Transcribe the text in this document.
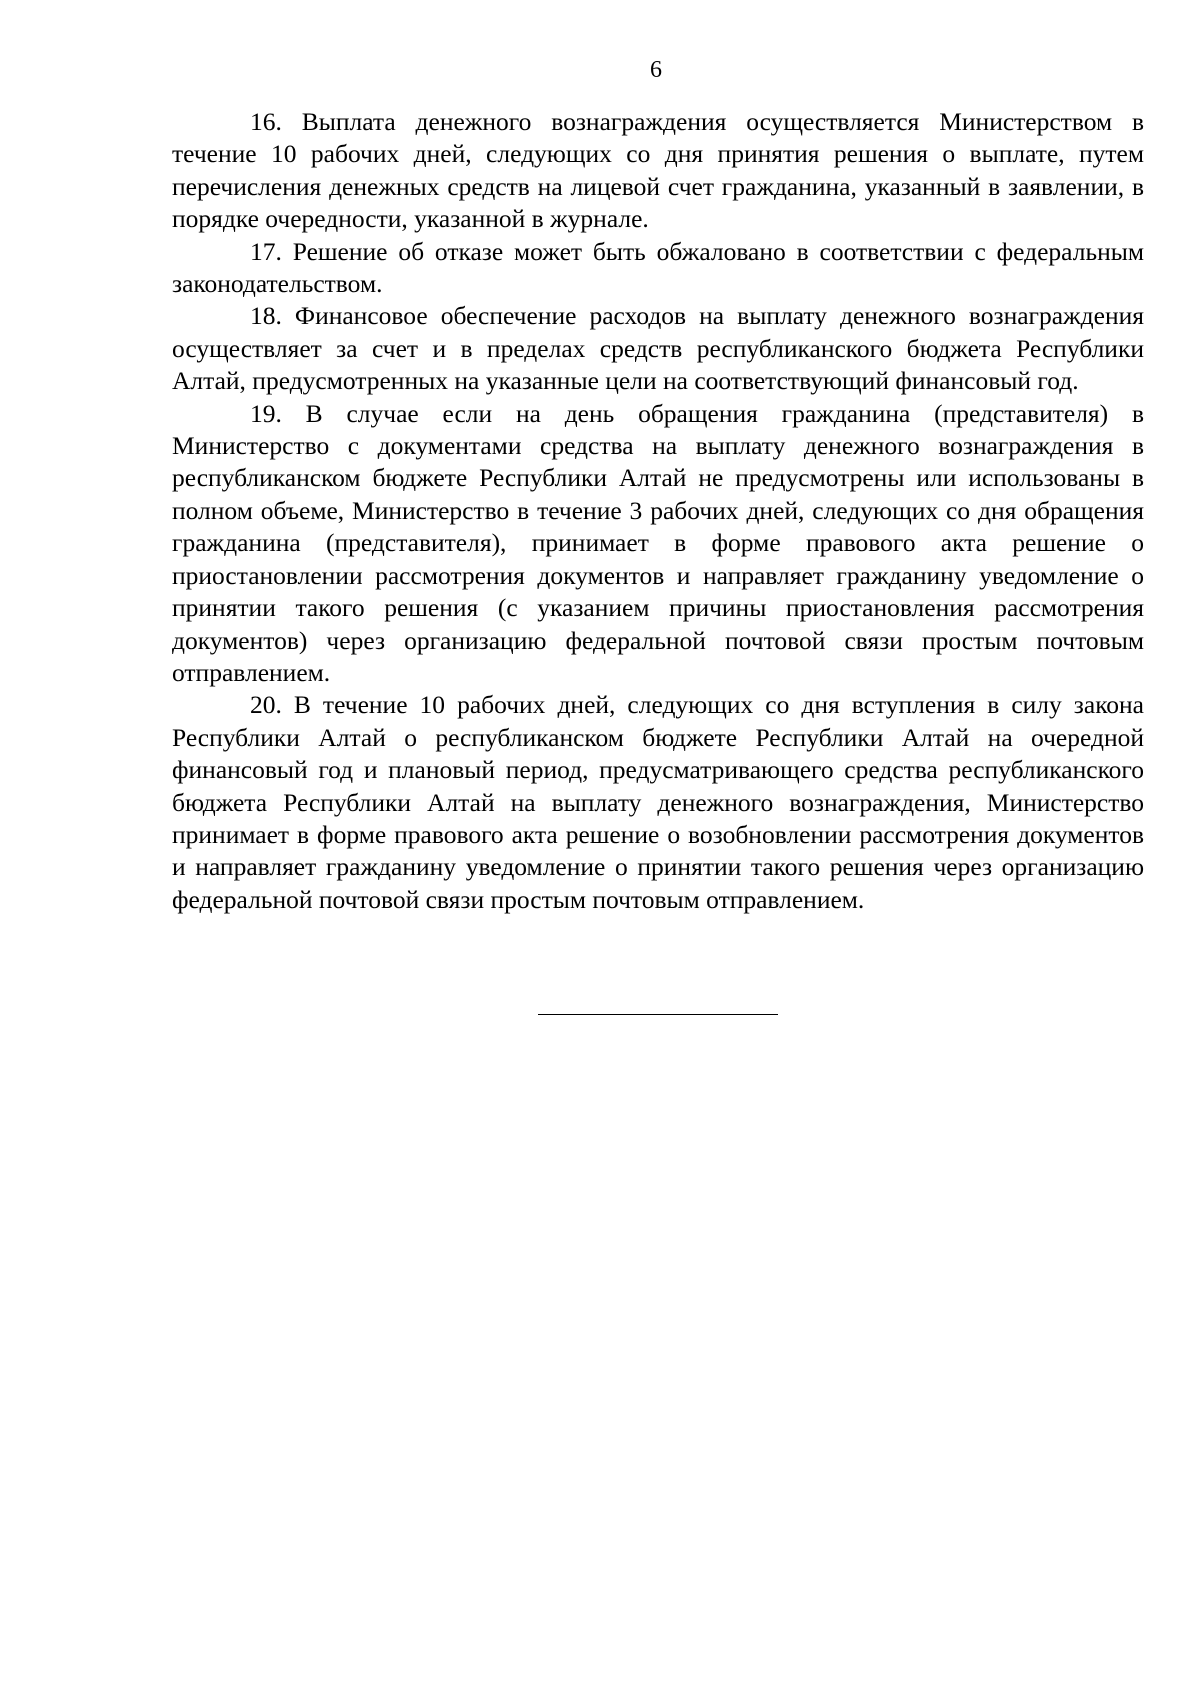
6

16. Выплата денежного вознаграждения осуществляется Министерством в течение 10 рабочих дней, следующих со дня принятия решения о выплате, путем перечисления денежных средств на лицевой счет гражданина, указанный в заявлении, в порядке очередности, указанной в журнале.

17. Решение об отказе может быть обжаловано в соответствии с федеральным законодательством.

18. Финансовое обеспечение расходов на выплату денежного вознаграждения осуществляет за счет и в пределах средств республиканского бюджета Республики Алтай, предусмотренных на указанные цели на соответствующий финансовый год.

19. В случае если на день обращения гражданина (представителя) в Министерство с документами средства на выплату денежного вознаграждения в республиканском бюджете Республики Алтай не предусмотрены или использованы в полном объеме, Министерство в течение 3 рабочих дней, следующих со дня обращения гражданина (представителя), принимает в форме правового акта решение о приостановлении рассмотрения документов и направляет гражданину уведомление о принятии такого решения (с указанием причины приостановления рассмотрения документов) через организацию федеральной почтовой связи простым почтовым отправлением.

20. В течение 10 рабочих дней, следующих со дня вступления в силу закона Республики Алтай о республиканском бюджете Республики Алтай на очередной финансовый год и плановый период, предусматривающего средства республиканского бюджета Республики Алтай на выплату денежного вознаграждения, Министерство принимает в форме правового акта решение о возобновлении рассмотрения документов и направляет гражданину уведомление о принятии такого решения через организацию федеральной почтовой связи простым почтовым отправлением.
